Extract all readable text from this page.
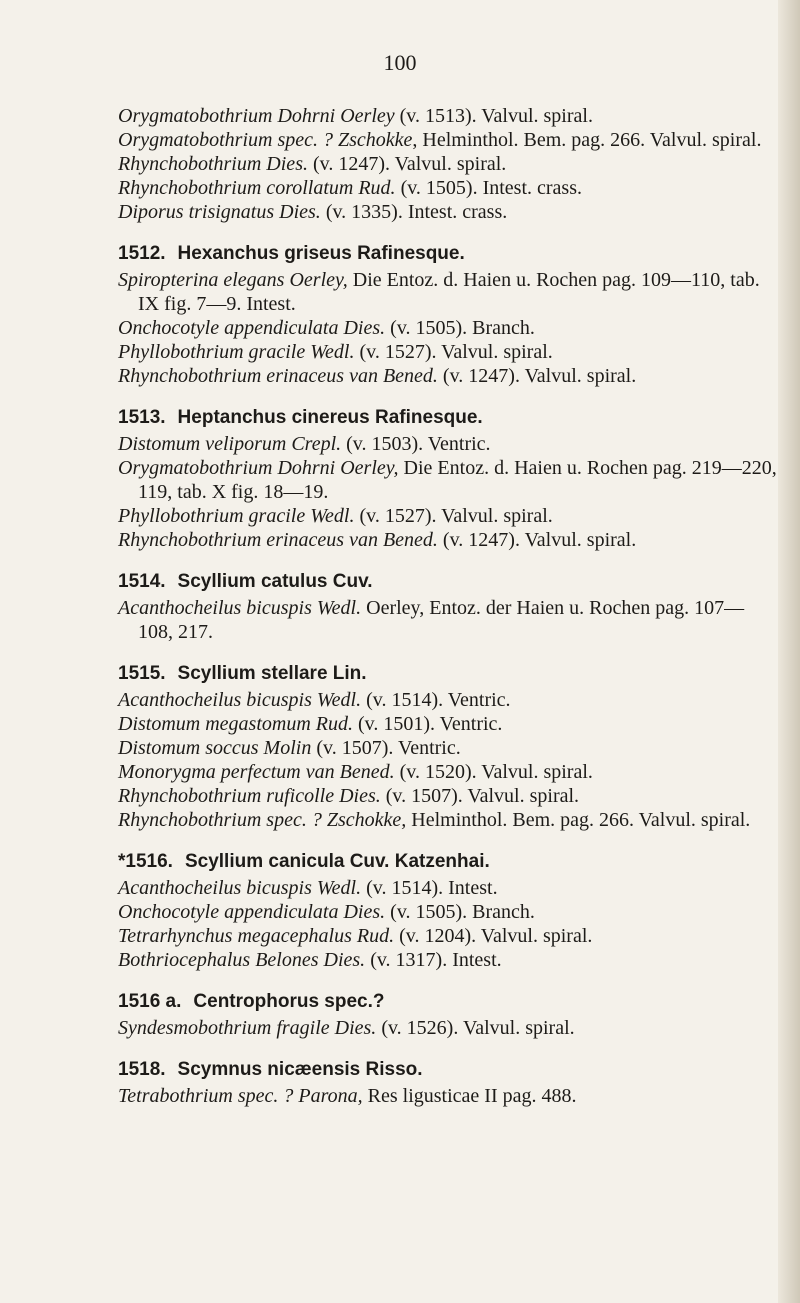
100
Orygmatobothrium Dohrni Oerley (v. 1513). Valvul. spiral.
Orygmatobothrium spec. ? Zschokke, Helminthol. Bem. pag. 266. Valvul. spiral.
Rhynchobothrium Dies. (v. 1247). Valvul. spiral.
Rhynchobothrium corollatum Rud. (v. 1505). Intest. crass.
Diporus trisignatus Dies. (v. 1335). Intest. crass.
1512. Hexanchus griseus Rafinesque.
Spiropterina elegans Oerley, Die Entoz. d. Haien u. Rochen pag. 109—110, tab. IX fig. 7—9. Intest.
Onchocotyle appendiculata Dies. (v. 1505). Branch.
Phyllobothrium gracile Wedl. (v. 1527). Valvul. spiral.
Rhynchobothrium erinaceus van Bened. (v. 1247). Valvul. spiral.
1513. Heptanchus cinereus Rafinesque.
Distomum veliporum Crepl. (v. 1503). Ventric.
Orygmatobothrium Dohrni Oerley, Die Entoz. d. Haien u. Rochen pag. 219—220, 119, tab. X fig. 18—19.
Phyllobothrium gracile Wedl. (v. 1527). Valvul. spiral.
Rhynchobothrium erinaceus van Bened. (v. 1247). Valvul. spiral.
1514. Scyllium catulus Cuv.
Acanthocheilus bicuspis Wedl. Oerley, Entoz. der Haien u. Rochen pag. 107—108, 217.
1515. Scyllium stellare Lin.
Acanthocheilus bicuspis Wedl. (v. 1514). Ventric.
Distomum megastomum Rud. (v. 1501). Ventric.
Distomum soccus Molin (v. 1507). Ventric.
Monorygma perfectum van Bened. (v. 1520). Valvul. spiral.
Rhynchobothrium ruficolle Dies. (v. 1507). Valvul. spiral.
Rhynchobothrium spec. ? Zschokke, Helminthol. Bem. pag. 266. Valvul. spiral.
*1516. Scyllium canicula Cuv. Katzenhai.
Acanthocheilus bicuspis Wedl. (v. 1514). Intest.
Onchocotyle appendiculata Dies. (v. 1505). Branch.
Tetrarhynchus megacephalus Rud. (v. 1204). Valvul. spiral.
Bothriocephalus Belones Dies. (v. 1317). Intest.
1516 a. Centrophorus spec.?
Syndesmobothrium fragile Dies. (v. 1526). Valvul. spiral.
1518. Scymnus nicæensis Risso.
Tetrabothrium spec. ? Parona, Res ligusticae II pag. 488.
